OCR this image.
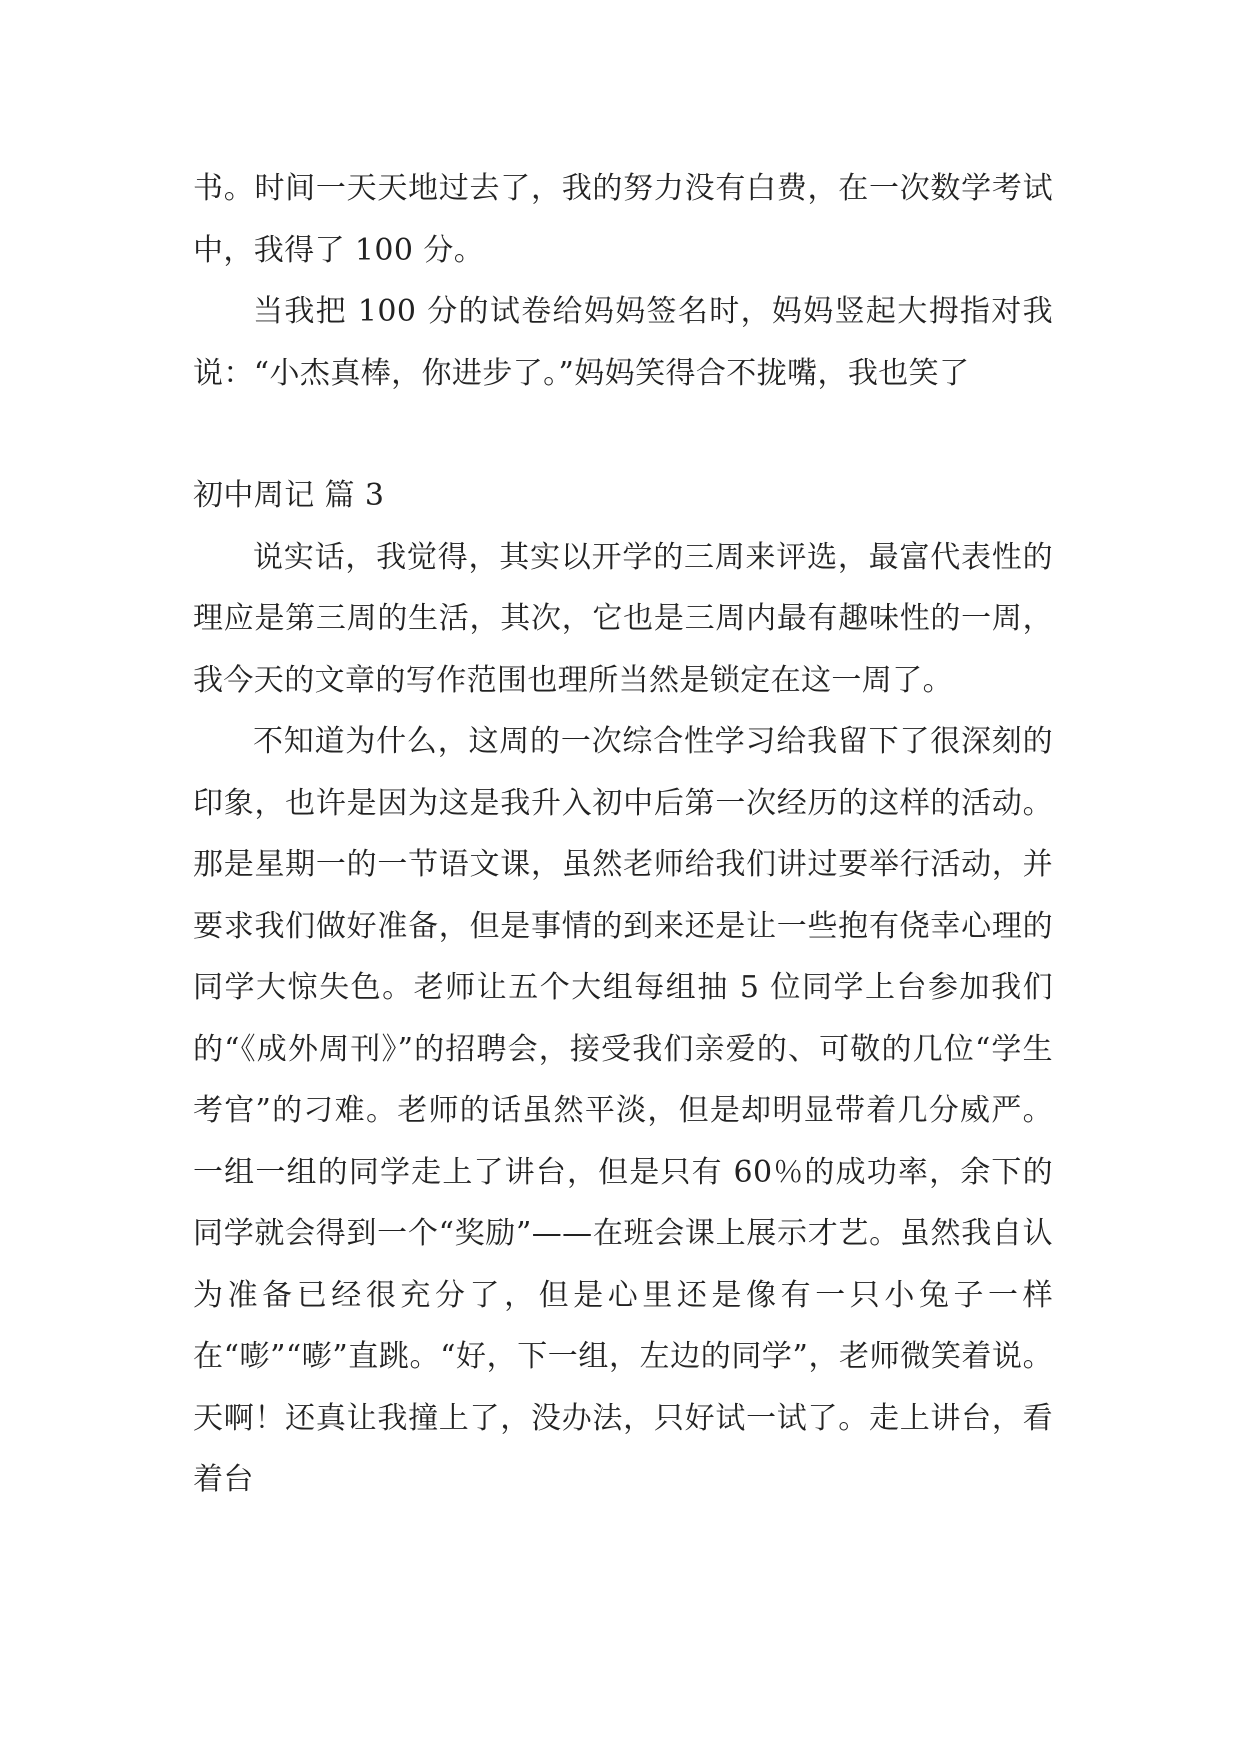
书。时间一天天地过去了，我的努力没有白费，在一次数学考试中，我得了 100 分。

当我把 100 分的试卷给妈妈签名时，妈妈竖起大拇指对我说：“小杰真棒，你进步了。”妈妈笑得合不拢嘴，我也笑了

初中周记 篇 3

说实话，我觉得，其实以开学的三周来评选，最富代表性的理应是第三周的生活，其次，它也是三周内最有趣味性的一周，我今天的文章的写作范围也理所当然是锁定在这一周了。

不知道为什么，这周的一次综合性学习给我留下了很深刻的印象，也许是因为这是我升入初中后第一次经历的这样的活动。那是星期一的一节语文课，虽然老师给我们讲过要举行活动，并要求我们做好准备，但是事情的到来还是让一些抱有侥幸心理的同学大惊失色。老师让五个大组每组抽 5 位同学上台参加我们的“《成外周刊》”的招聘会，接受我们亲爱的、可敬的几位“学生考官”的刁难。老师的话虽然平淡，但是却明显带着几分威严。一组一组的同学走上了讲台，但是只有 60％的成功率，余下的同学就会得到一个“奖励”——在班会课上展示才艺。虽然我自认为准备已经很充分了，但是心里还是像有一只小兔子一样在“嘭”“嘭”直跳。“好，下一组，左边的同学”，老师微笑着说。天啊！还真让我撞上了，没办法，只好试一试了。走上讲台，看着台
